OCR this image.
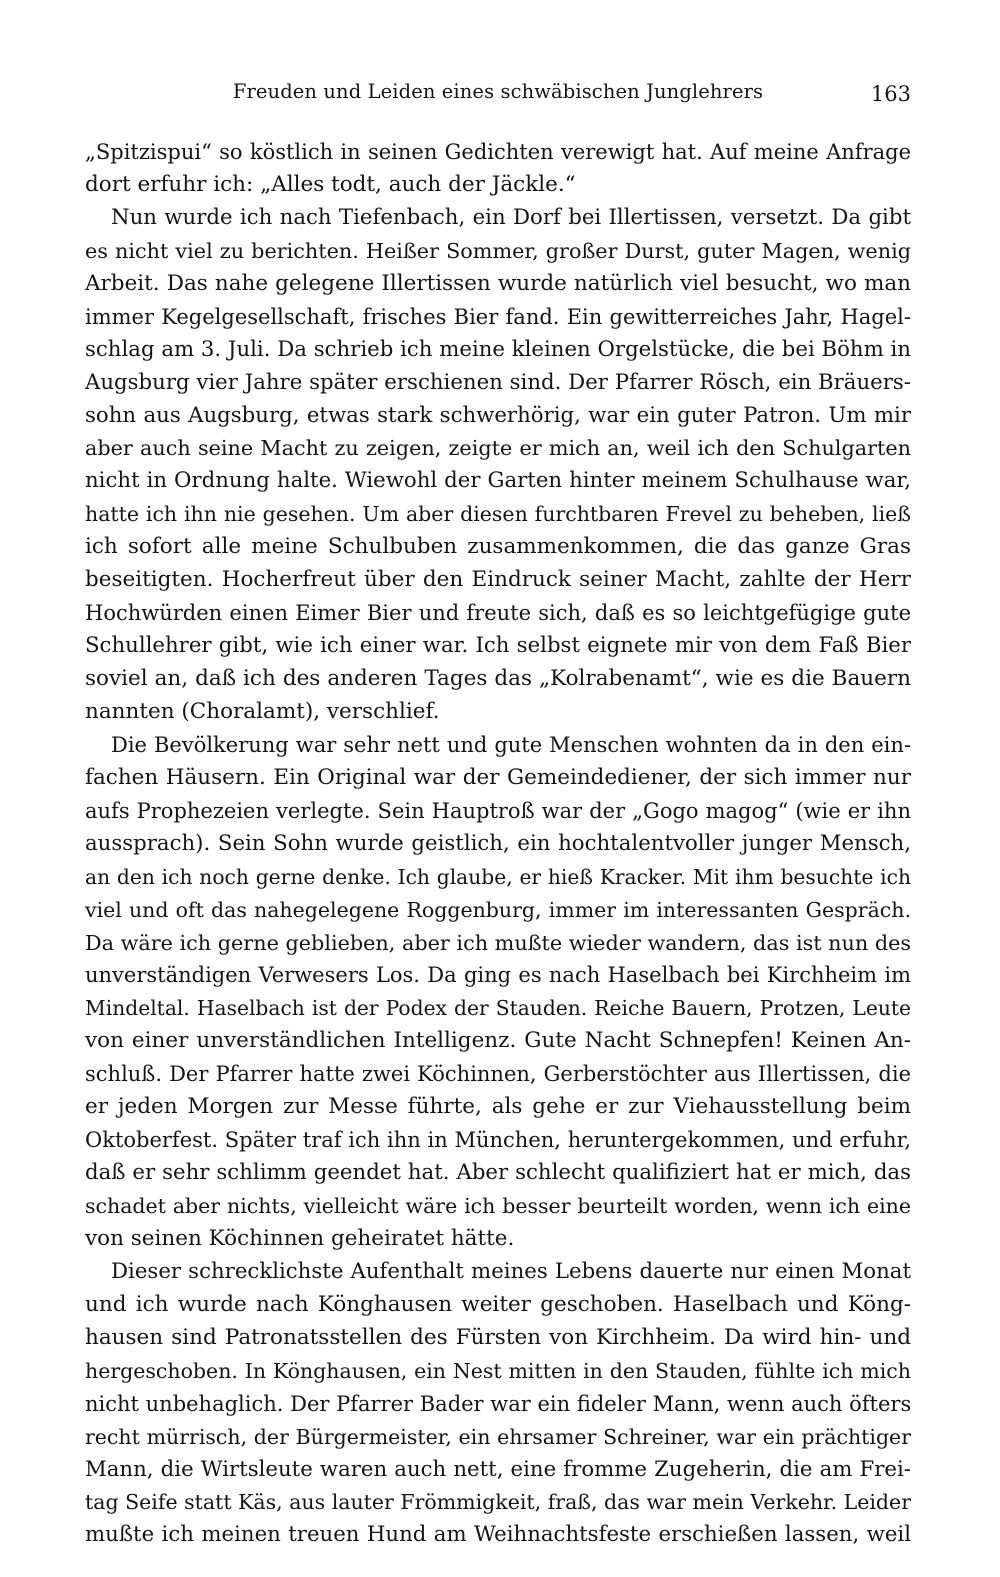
Freuden und Leiden eines schwäbischen Junglehrers	163
„Spitzispui“ so köstlich in seinen Gedichten verewigt hat. Auf meine Anfrage
dort erfuhr ich: „Alles todt, auch der Jäckle.“
Nun wurde ich nach Tiefenbach, ein Dorf bei Illertissen, versetzt. Da gibt
es nicht viel zu berichten. Heißer Sommer, großer Durst, guter Magen, wenig
Arbeit. Das nahe gelegene Illertissen wurde natürlich viel besucht, wo man
immer Kegelgesellschaft, frisches Bier fand. Ein gewitterreiches Jahr, Hagel-
schlag am 3. Juli. Da schrieb ich meine kleinen Orgelstücke, die bei Böhm in
Augsburg vier Jahre später erschienen sind. Der Pfarrer Rösch, ein Bräuers-
sohn aus Augsburg, etwas stark schwerhörig, war ein guter Patron. Um mir
aber auch seine Macht zu zeigen, zeigte er mich an, weil ich den Schulgarten
nicht in Ordnung halte. Wiewohl der Garten hinter meinem Schulhause war,
hatte ich ihn nie gesehen. Um aber diesen furchtbaren Frevel zu beheben, ließ
ich sofort alle meine Schulbuben zusammenkommen, die das ganze Gras
beseitigten. Hocherfreut über den Eindruck seiner Macht, zahlte der Herr
Hochwürden einen Eimer Bier und freute sich, daß es so leichtgefügige gute
Schullehrer gibt, wie ich einer war. Ich selbst eignete mir von dem Faß Bier
soviel an, daß ich des anderen Tages das „Kolrabenamt“, wie es die Bauern
nannten (Choralamt), verschlief.
Die Bevölkerung war sehr nett und gute Menschen wohnten da in den ein-
fachen Häusern. Ein Original war der Gemeindediener, der sich immer nur
aufs Prophezeien verlegte. Sein Hauptroß war der „Gogo magog“ (wie er ihn
aussprach). Sein Sohn wurde geistlich, ein hochtalentvoller junger Mensch,
an den ich noch gerne denke. Ich glaube, er hieß Kracker. Mit ihm besuchte ich
viel und oft das nahegelegene Roggenburg, immer im interessanten Gespräch.
Da wäre ich gerne geblieben, aber ich mußte wieder wandern, das ist nun des
unverständigen Verwesers Los. Da ging es nach Haselbach bei Kirchheim im
Mindeltal. Haselbach ist der Podex der Stauden. Reiche Bauern, Protzen, Leute
von einer unverständlichen Intelligenz. Gute Nacht Schnepfen! Keinen An-
schluß. Der Pfarrer hatte zwei Köchinnen, Gerberstöchter aus Illertissen, die
er jeden Morgen zur Messe führte, als gehe er zur Viehausstellung beim
Oktoberfest. Später traf ich ihn in München, heruntergekommen, und erfuhr,
daß er sehr schlimm geendet hat. Aber schlecht qualifiziert hat er mich, das
schadet aber nichts, vielleicht wäre ich besser beurteilt worden, wenn ich eine
von seinen Köchinnen geheiratet hätte.
Dieser schrecklichste Aufenthalt meines Lebens dauerte nur einen Monat
und ich wurde nach Könghausen weiter geschoben. Haselbach und Köng-
hausen sind Patronatsstellen des Fürsten von Kirchheim. Da wird hin- und
hergeschoben. In Könghausen, ein Nest mitten in den Stauden, fühlte ich mich
nicht unbehaglich. Der Pfarrer Bader war ein fideler Mann, wenn auch öfters
recht mürrisch, der Bürgermeister, ein ehrsamer Schreiner, war ein prächtiger
Mann, die Wirtsleute waren auch nett, eine fromme Zugeherin, die am Frei-
tag Seife statt Käs, aus lauter Frömmigkeit, fraß, das war mein Verkehr. Leider
mußte ich meinen treuen Hund am Weihnachtsfeste erschießen lassen, weil
